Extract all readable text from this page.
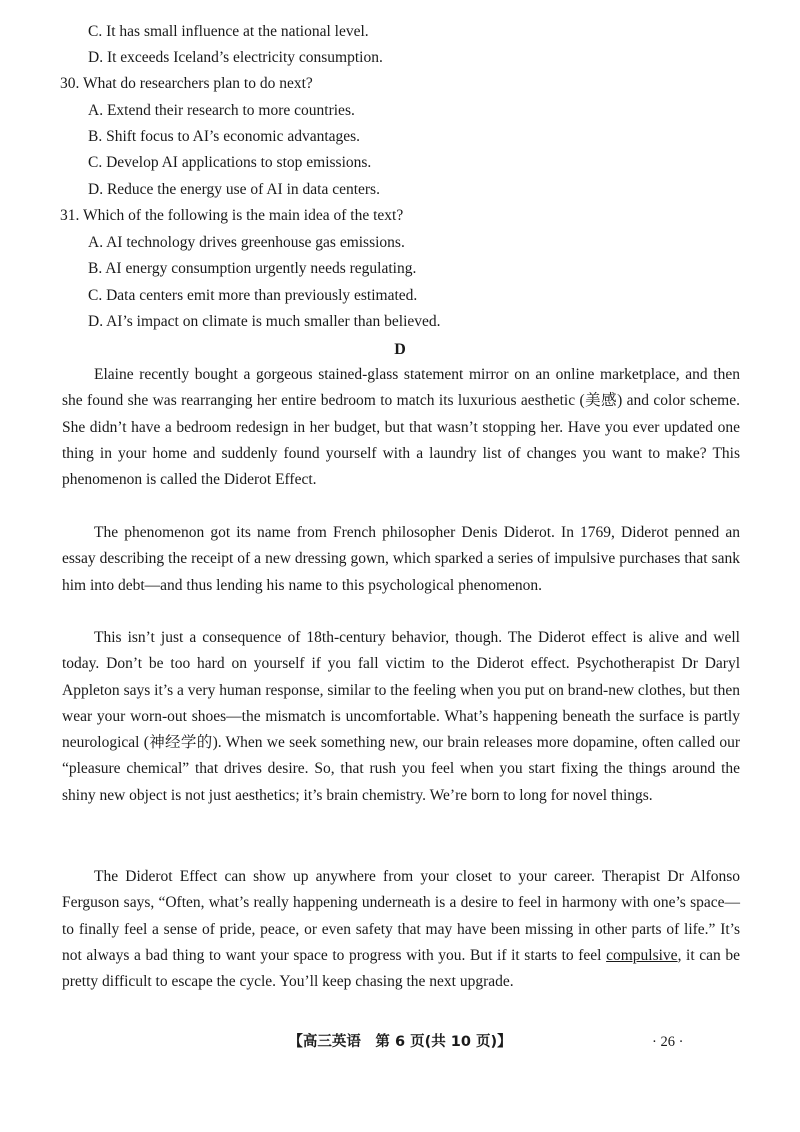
C. It has small influence at the national level.
D. It exceeds Iceland’s electricity consumption.
30. What do researchers plan to do next?
A. Extend their research to more countries.
B. Shift focus to AI’s economic advantages.
C. Develop AI applications to stop emissions.
D. Reduce the energy use of AI in data centers.
31. Which of the following is the main idea of the text?
A. AI technology drives greenhouse gas emissions.
B. AI energy consumption urgently needs regulating.
C. Data centers emit more than previously estimated.
D. AI’s impact on climate is much smaller than believed.
D

Elaine recently bought a gorgeous stained-glass statement mirror on an online marketplace, and then she found she was rearranging her entire bedroom to match its luxurious aesthetic (美感) and color scheme. She didn’t have a bedroom redesign in her budget, but that wasn’t stopping her. Have you ever updated one thing in your home and suddenly found yourself with a laundry list of changes you want to make? This phenomenon is called the Diderot Effect.

The phenomenon got its name from French philosopher Denis Diderot. In 1769, Diderot penned an essay describing the receipt of a new dressing gown, which sparked a series of impulsive purchases that sank him into debt—and thus lending his name to this psychological phenomenon.

This isn’t just a consequence of 18th-century behavior, though. The Diderot effect is alive and well today. Don’t be too hard on yourself if you fall victim to the Diderot effect. Psychotherapist Dr Daryl Appleton says it’s a very human response, similar to the feeling when you put on brand-new clothes, but then wear your worn-out shoes—the mismatch is uncomfortable. What’s happening beneath the surface is partly neurological (神经学的). When we seek something new, our brain releases more dopamine, often called our “pleasure chemical” that drives desire. So, that rush you feel when you start fixing the things around the shiny new object is not just aesthetics; it’s brain chemistry. We’re born to long for novel things.

The Diderot Effect can show up anywhere from your closet to your career. Therapist Dr Alfonso Ferguson says, “Often, what’s really happening underneath is a desire to feel in harmony with one’s space—to finally feel a sense of pride, peace, or even safety that may have been missing in other parts of life.” It’s not always a bad thing to want your space to progress with you. But if it starts to feel compulsive, it can be pretty difficult to escape the cycle. You’ll keep chasing the next upgrade.

【高三英语　第 6 页(共 10 页)】	· 26 ·
